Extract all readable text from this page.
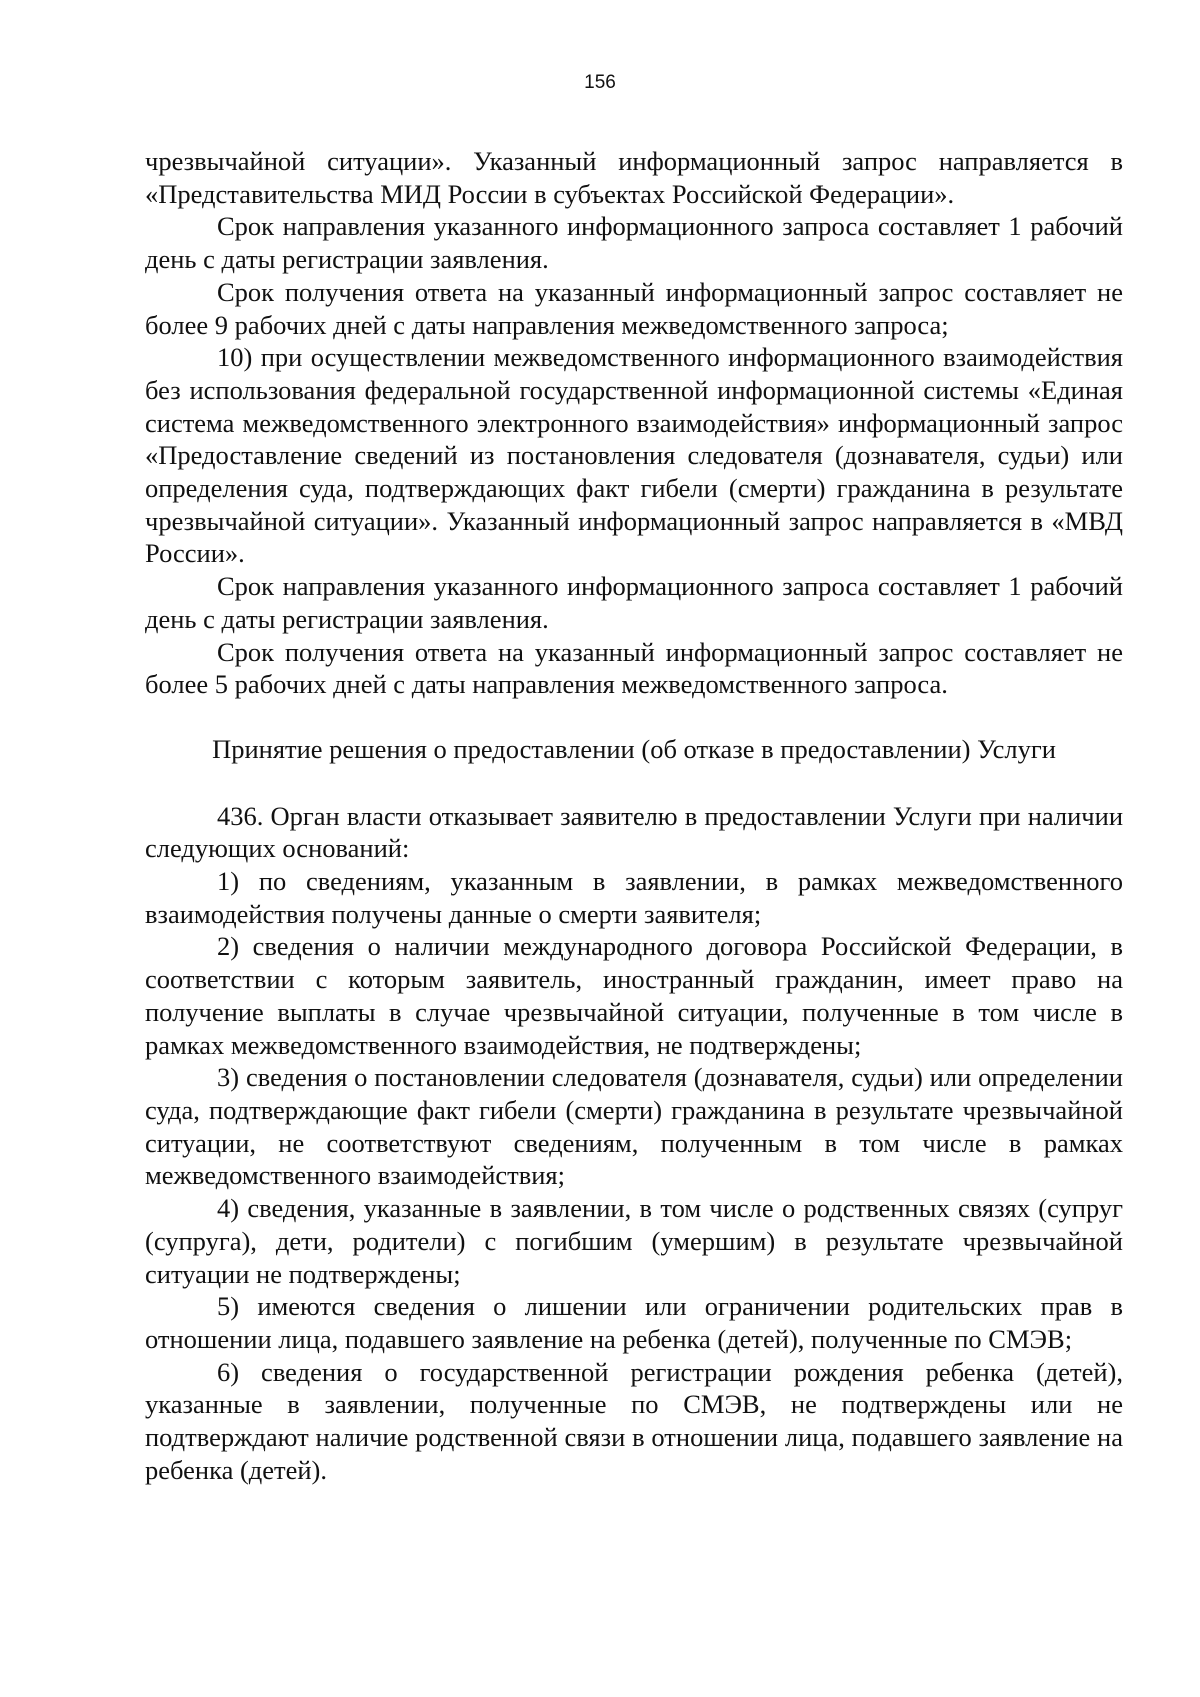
156

чрезвычайной ситуации». Указанный информационный запрос направляется в «Представительства МИД России в субъектах Российской Федерации».

Срок направления указанного информационного запроса составляет 1 рабочий день с даты регистрации заявления.

Срок получения ответа на указанный информационный запрос составляет не более 9 рабочих дней с даты направления межведомственного запроса;

10) при осуществлении межведомственного информационного взаимодействия без использования федеральной государственной информационной системы «Единая система межведомственного электронного взаимодействия» информационный запрос «Предоставление сведений из постановления следователя (дознавателя, судьи) или определения суда, подтверждающих факт гибели (смерти) гражданина в результате чрезвычайной ситуации». Указанный информационный запрос направляется в «МВД России».

Срок направления указанного информационного запроса составляет 1 рабочий день с даты регистрации заявления.

Срок получения ответа на указанный информационный запрос составляет не более 5 рабочих дней с даты направления межведомственного запроса.

Принятие решения о предоставлении (об отказе в предоставлении) Услуги

436. Орган власти отказывает заявителю в предоставлении Услуги при наличии следующих оснований:

1) по сведениям, указанным в заявлении, в рамках межведомственного взаимодействия получены данные о смерти заявителя;

2) сведения о наличии международного договора Российской Федерации, в соответствии с которым заявитель, иностранный гражданин, имеет право на получение выплаты в случае чрезвычайной ситуации, полученные в том числе в рамках межведомственного взаимодействия, не подтверждены;

3) сведения о постановлении следователя (дознавателя, судьи) или определении суда, подтверждающие факт гибели (смерти) гражданина в результате чрезвычайной ситуации, не соответствуют сведениям, полученным в том числе в рамках межведомственного взаимодействия;

4) сведения, указанные в заявлении, в том числе о родственных связях (супруг (супруга), дети, родители) с погибшим (умершим) в результате чрезвычайной ситуации не подтверждены;

5) имеются сведения о лишении или ограничении родительских прав в отношении лица, подавшего заявление на ребенка (детей), полученные по СМЭВ;

6) сведения о государственной регистрации рождения ребенка (детей), указанные в заявлении, полученные по СМЭВ, не подтверждены или не подтверждают наличие родственной связи в отношении лица, подавшего заявление на ребенка (детей).
